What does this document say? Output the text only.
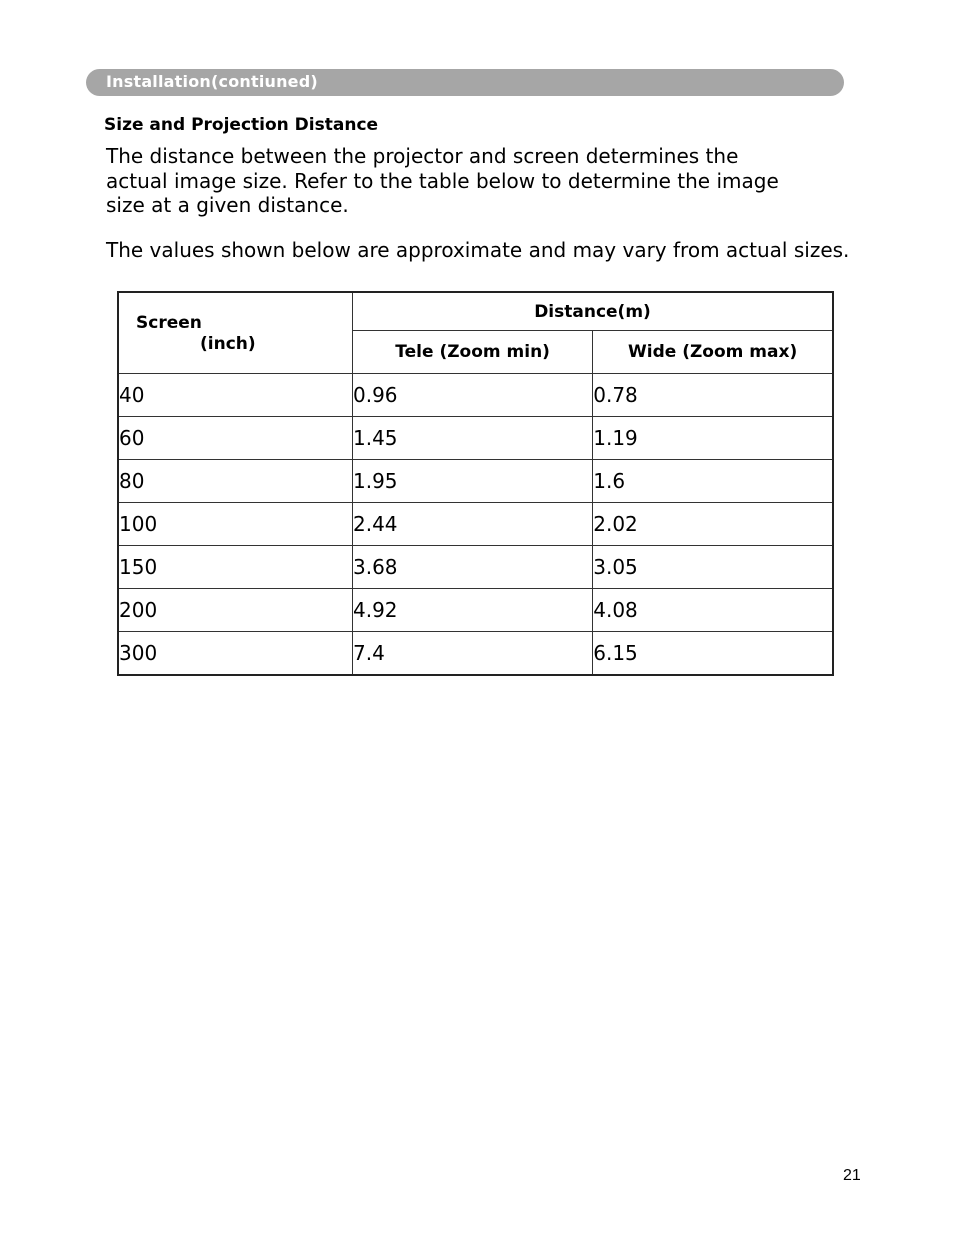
Installation(contiuned)
Size and Projection Distance

The distance between the projector and screen determines the
actual image size. Refer to the table below to determine the image
size at a given distance.

The values shown below are approximate and may vary from actual sizes.

Screen
(inch)	Distance(m)	
	Tele (Zoom min)	Wide (Zoom max)
40	0.96	0.78
60	1.45	1.19
80	1.95	1.6
100	2.44	2.02
150	3.68	3.05
200	4.92	4.08
300	7.4	6.15
21
